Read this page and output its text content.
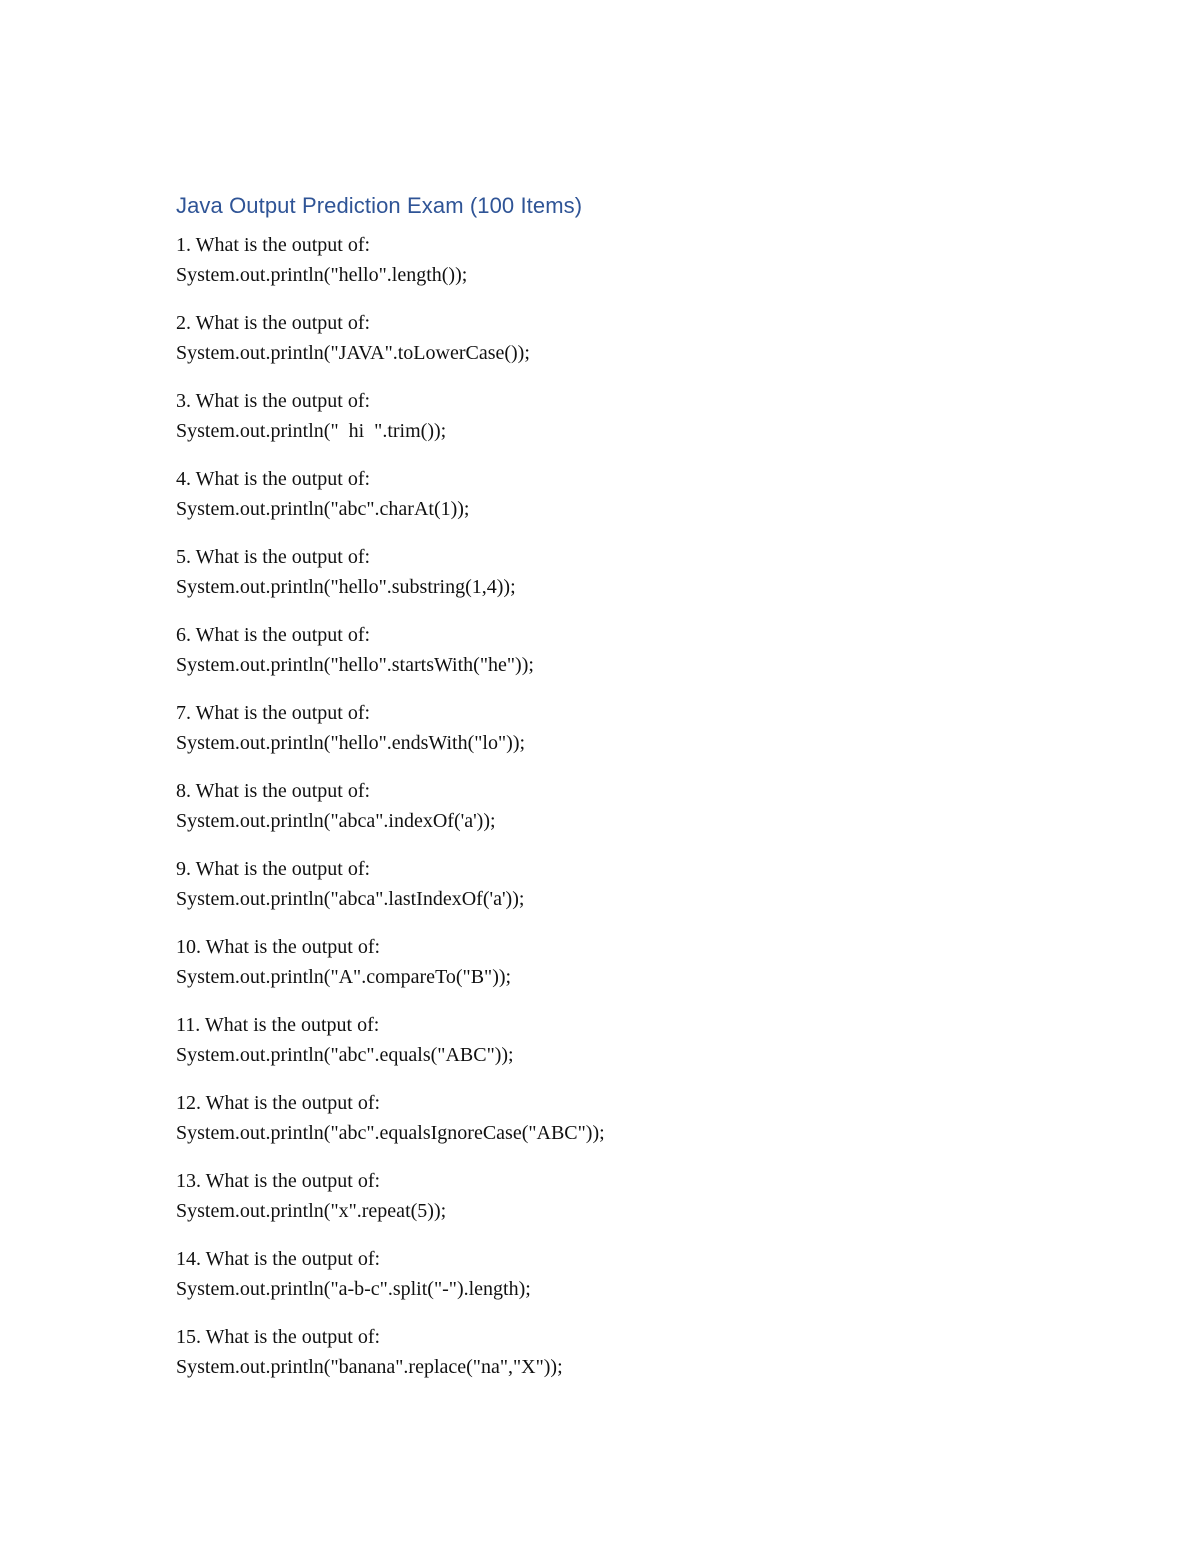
Java Output Prediction Exam (100 Items)

1. What is the output of:

System.out.println("hello".length());

2. What is the output of:

System.out.println("JAVA".toLowerCase());

3. What is the output of:

System.out.println("  hi  ".trim());

4. What is the output of:

System.out.println("abc".charAt(1));

5. What is the output of:

System.out.println("hello".substring(1,4));

6. What is the output of:

System.out.println("hello".startsWith("he"));

7. What is the output of:

System.out.println("hello".endsWith("lo"));

8. What is the output of:

System.out.println("abca".indexOf('a'));

9. What is the output of:

System.out.println("abca".lastIndexOf('a'));

10. What is the output of:

System.out.println("A".compareTo("B"));

11. What is the output of:

System.out.println("abc".equals("ABC"));

12. What is the output of:

System.out.println("abc".equalsIgnoreCase("ABC"));

13. What is the output of:

System.out.println("x".repeat(5));

14. What is the output of:

System.out.println("a-b-c".split("-").length);

15. What is the output of:

System.out.println("banana".replace("na","X"));
